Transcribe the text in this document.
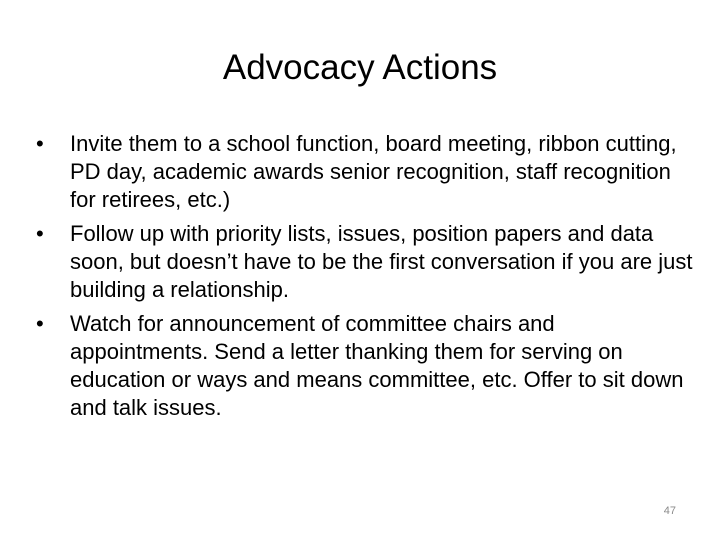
Advocacy Actions
•	Invite them to a school function, board meeting, ribbon cutting, PD day, academic awards senior recognition, staff recognition for retirees, etc.)
•	Follow up with priority lists, issues, position papers and data soon, but doesn’t have to be the first conversation if you are just building a relationship.
•	Watch for announcement of committee chairs and appointments. Send a letter thanking them for serving on education or ways and means committee, etc. Offer to sit down and talk issues.
47
